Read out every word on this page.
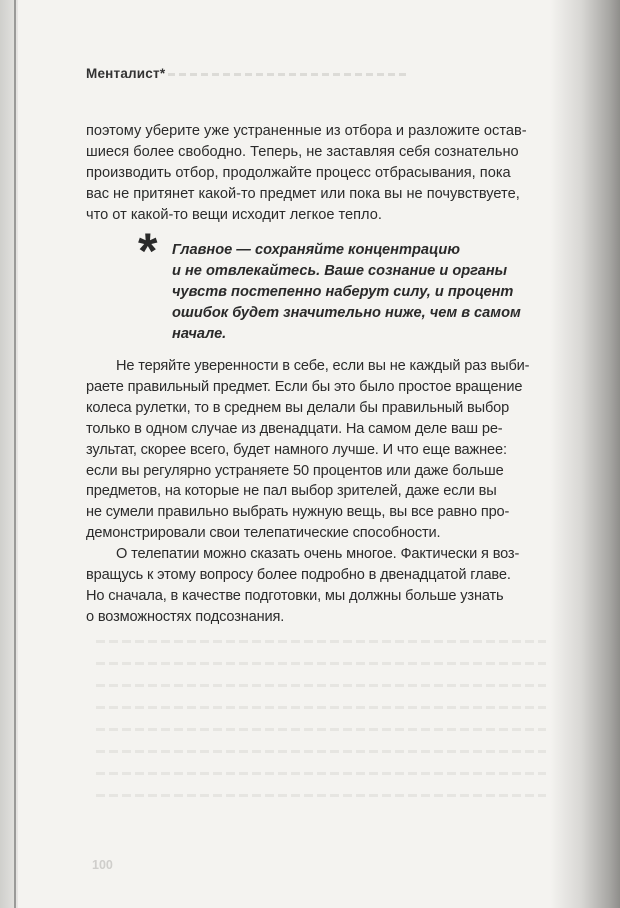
Менталист*

поэтому уберите уже устраненные из отбора и разложите остав-

шиеся более свободно. Теперь, не заставляя себя сознательно

производить отбор, продолжайте процесс отбрасывания, пока

вас не притянет какой-то предмет или пока вы не почувствуете,

что от какой-то вещи исходит легкое тепло.

* Главное — сохраняйте концентрацию

и не отвлекайтесь. Ваше сознание и органы

чувств постепенно наберут силу, и процент

ошибок будет значительно ниже, чем в самом

начале.

Не теряйте уверенности в себе, если вы не каждый раз выби-

раете правильный предмет. Если бы это было простое вращение

колеса рулетки, то в среднем вы делали бы правильный выбор

только в одном случае из двенадцати. На самом деле ваш ре-

зультат, скорее всего, будет намного лучше. И что еще важнее:

если вы регулярно устраняете 50 процентов или даже больше

предметов, на которые не пал выбор зрителей, даже если вы

не сумели правильно выбрать нужную вещь, вы все равно про-

демонстрировали свои телепатические способности.

О телепатии можно сказать очень многое. Фактически я воз-

вращусь к этому вопросу более подробно в двенадцатой главе.

Но сначала, в качестве подготовки, мы должны больше узнать

о возможностях подсознания.

100
